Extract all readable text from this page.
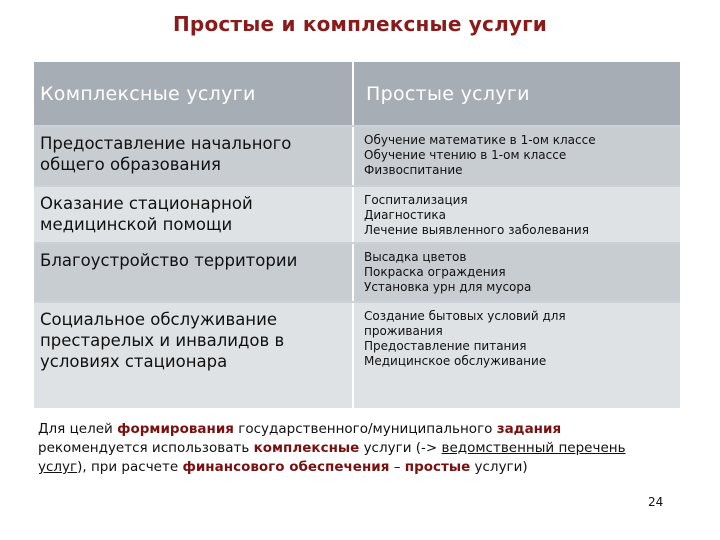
Простые и комплексные услуги
Комплексные услуги	Простые услуги
Предоставление начального
общего образования
Обучение математике в 1-ом классе
Обучение чтению в 1-ом классе
Физвоспитание
Оказание стационарной
медицинской помощи
Госпитализация
Диагностика
Лечение выявленного заболевания
Благоустройство территории	Высадка цветов
Покраска ограждения
Установка урн для мусора
Социальное обслуживание
престарелых и инвалидов в
условиях стационара
Создание бытовых условий для
проживания
Предоставление питания
Медицинское обслуживание
Для целей формирования государственного/муниципального задания рекомендуется использовать комплексные услуги (-> ведомственный перечень услуг), при расчете финансового обеспечения – простые услуги)
24
